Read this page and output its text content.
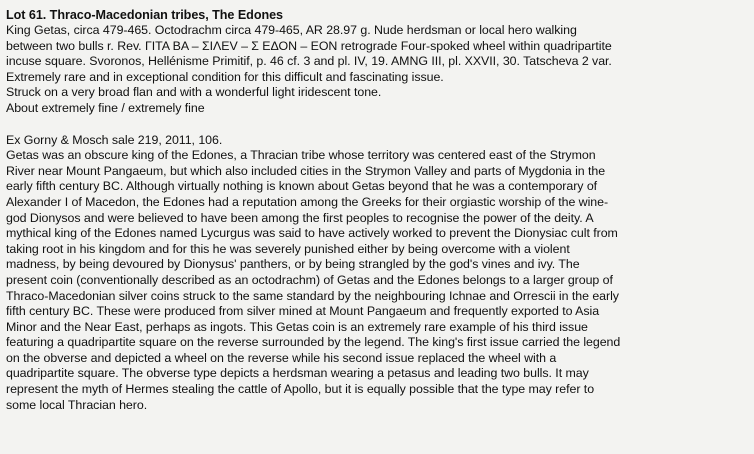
Lot 61. Thraco-Macedonian tribes, The Edones
King Getas, circa 479-465. Octodrachm circa 479-465, AR 28.97 g. Nude herdsman or local hero walking
between two bulls r. Rev. ΓΙΤΑ ΒΑ – ΣΙΛΕV – Σ ΕΔΟΝ – ΕΟΝ retrograde Four-spoked wheel within quadripartite
incuse square. Svoronos, Hellénisme Primitif, p. 46 cf. 3 and pl. IV, 19. AMNG III, pl. XXVII, 30. Tatscheva 2 var.
Extremely rare and in exceptional condition for this difficult and fascinating issue.
Struck on a very broad flan and with a wonderful light iridescent tone.
About extremely fine / extremely fine
Ex Gorny & Mosch sale 219, 2011, 106.
Getas was an obscure king of the Edones, a Thracian tribe whose territory was centered east of the Strymon
River near Mount Pangaeum, but which also included cities in the Strymon Valley and parts of Mygdonia in the
early fifth century BC. Although virtually nothing is known about Getas beyond that he was a contemporary of
Alexander I of Macedon, the Edones had a reputation among the Greeks for their orgiastic worship of the wine-
god Dionysos and were believed to have been among the first peoples to recognise the power of the deity. A
mythical king of the Edones named Lycurgus was said to have actively worked to prevent the Dionysiac cult from
taking root in his kingdom and for this he was severely punished either by being overcome with a violent
madness, by being devoured by Dionysus' panthers, or by being strangled by the god's vines and ivy. The
present coin (conventionally described as an octodrachm) of Getas and the Edones belongs to a larger group of
Thraco-Macedonian silver coins struck to the same standard by the neighbouring Ichnae and Orrescii in the early
fifth century BC. These were produced from silver mined at Mount Pangaeum and frequently exported to Asia
Minor and the Near East, perhaps as ingots. This Getas coin is an extremely rare example of his third issue
featuring a quadripartite square on the reverse surrounded by the legend. The king's first issue carried the legend
on the obverse and depicted a wheel on the reverse while his second issue replaced the wheel with a
quadripartite square. The obverse type depicts a herdsman wearing a petasus and leading two bulls. It may
represent the myth of Hermes stealing the cattle of Apollo, but it is equally possible that the type may refer to
some local Thracian hero.
